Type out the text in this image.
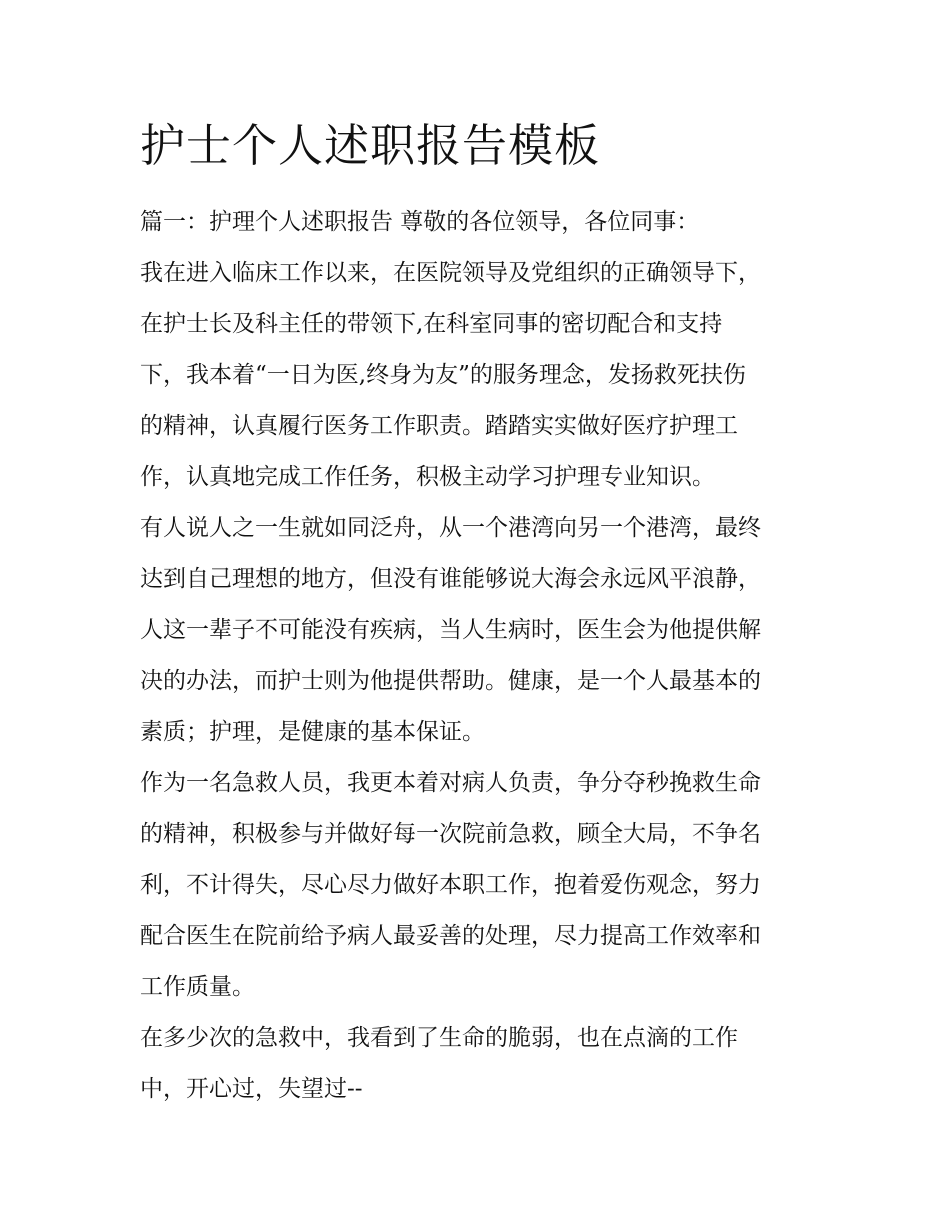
护士个人述职报告模板
篇一：护理个人述职报告 尊敬的各位领导，各位同事：
我在进入临床工作以来，在医院领导及党组织的正确领导下，
在护士长及科主任的带领下,在科室同事的密切配合和支持
下，我本着“一日为医,终身为友”的服务理念，发扬救死扶伤
的精神，认真履行医务工作职责。踏踏实实做好医疗护理工
作，认真地完成工作任务，积极主动学习护理专业知识。
有人说人之一生就如同泛舟，从一个港湾向另一个港湾，最终
达到自己理想的地方，但没有谁能够说大海会永远风平浪静，
人这一辈子不可能没有疾病，当人生病时，医生会为他提供解
决的办法，而护士则为他提供帮助。健康，是一个人最基本的
素质；护理，是健康的基本保证。
作为一名急救人员，我更本着对病人负责，争分夺秒挽救生命
的精神，积极参与并做好每一次院前急救，顾全大局，不争名
利，不计得失，尽心尽力做好本职工作，抱着爱伤观念，努力
配合医生在院前给予病人最妥善的处理，尽力提高工作效率和
工作质量。
在多少次的急救中，我看到了生命的脆弱，也在点滴的工作
中，开心过，失望过--
